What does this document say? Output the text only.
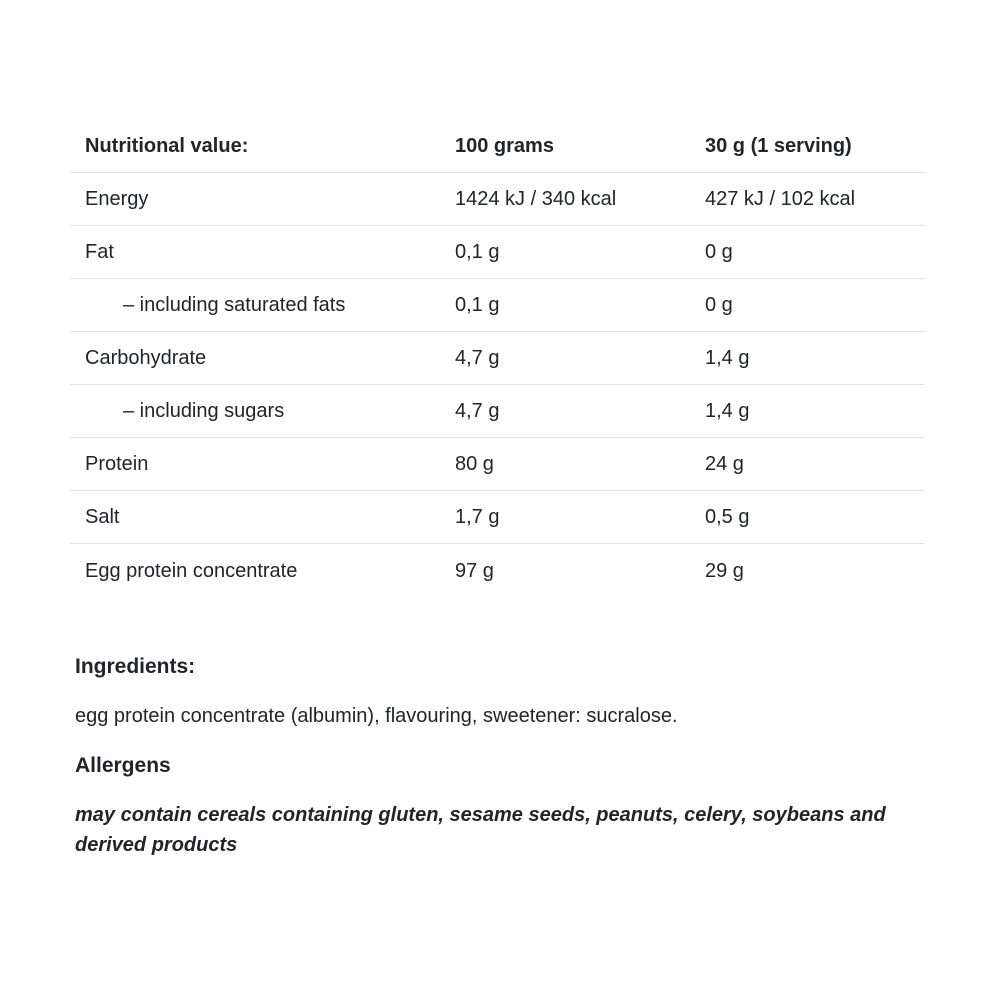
Nutritional value:	100 grams	30 g (1 serving)
Energy	1424 kJ / 340 kcal	427 kJ / 102 kcal
Fat	0,1 g	0 g
– including saturated fats	0,1 g	0 g
Carbohydrate	4,7 g	1,4 g
– including sugars	4,7 g	1,4 g
Protein	80 g	24 g
Salt	1,7 g	0,5 g
Egg protein concentrate	97 g	29 g
Ingredients:

egg protein concentrate (albumin), flavouring, sweetener: sucralose.

Allergens

may contain cereals containing gluten, sesame seeds, peanuts, celery, soybeans and derived products
